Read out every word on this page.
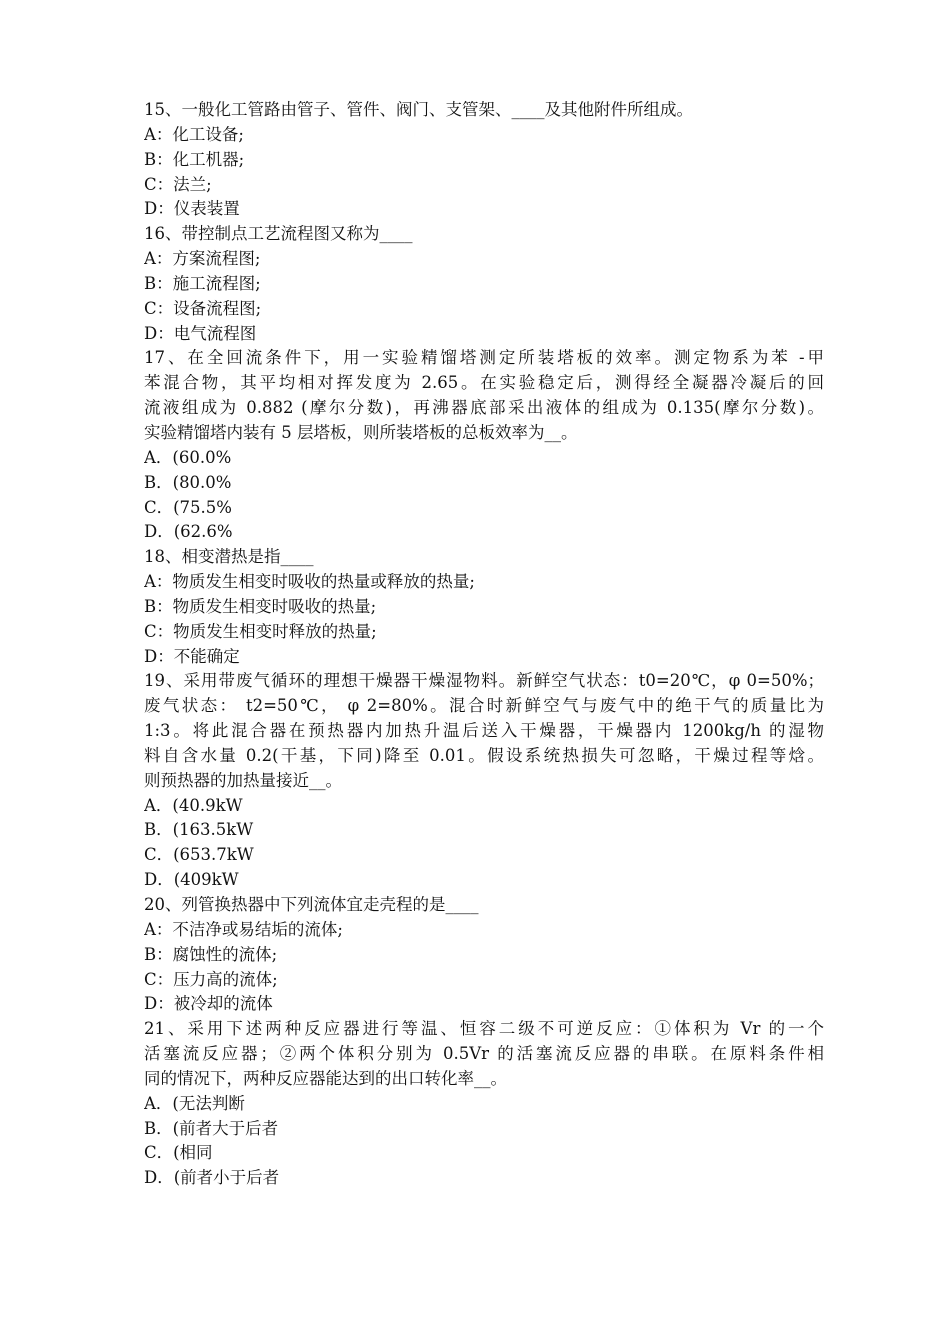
15、一般化工管路由管子、管件、阀门、支管架、____及其他附件所组成。
A：化工设备;
B：化工机器;
C：法兰;
D：仪表装置
16、带控制点工艺流程图又称为____
A：方案流程图;
B：施工流程图;
C：设备流程图;
D：电气流程图
17、在全回流条件下，用一实验精馏塔测定所装塔板的效率。测定物系为苯 -甲
苯混合物，其平均相对挥发度为 2.65。在实验稳定后，测得经全凝器冷凝后的回
流液组成为 0.882 (摩尔分数)，再沸器底部采出液体的组成为 0.135(摩尔分数)。
实验精馏塔内装有 5 层塔板，则所装塔板的总板效率为__。
A．(60.0%
B．(80.0%
C．(75.5%
D．(62.6%
18、相变潜热是指____
A：物质发生相变时吸收的热量或释放的热量;
B：物质发生相变时吸收的热量;
C：物质发生相变时释放的热量;
D：不能确定
19、采用带废气循环的理想干燥器干燥湿物料。新鲜空气状态：t0=20℃，φ 0=50%；
废气状态： t2=50℃， φ 2=80%。混合时新鲜空气与废气中的绝干气的质量比为
1:3。将此混合器在预热器内加热升温后送入干燥器，干燥器内 1200kg/h 的湿物
料自含水量 0.2(干基，下同)降至 0.01。假设系统热损失可忽略，干燥过程等焓。
则预热器的加热量接近__。
A．(40.9kW
B．(163.5kW
C．(653.7kW
D．(409kW
20、列管换热器中下列流体宜走壳程的是____
A：不洁净或易结垢的流体;
B：腐蚀性的流体;
C：压力高的流体;
D：被冷却的流体
21、采用下述两种反应器进行等温、恒容二级不可逆反应：①体积为 Vr 的一个
活塞流反应器；②两个体积分别为 0.5Vr 的活塞流反应器的串联。在原料条件相
同的情况下，两种反应器能达到的出口转化率__。
A．(无法判断
B．(前者大于后者
C．(相同
D．(前者小于后者
